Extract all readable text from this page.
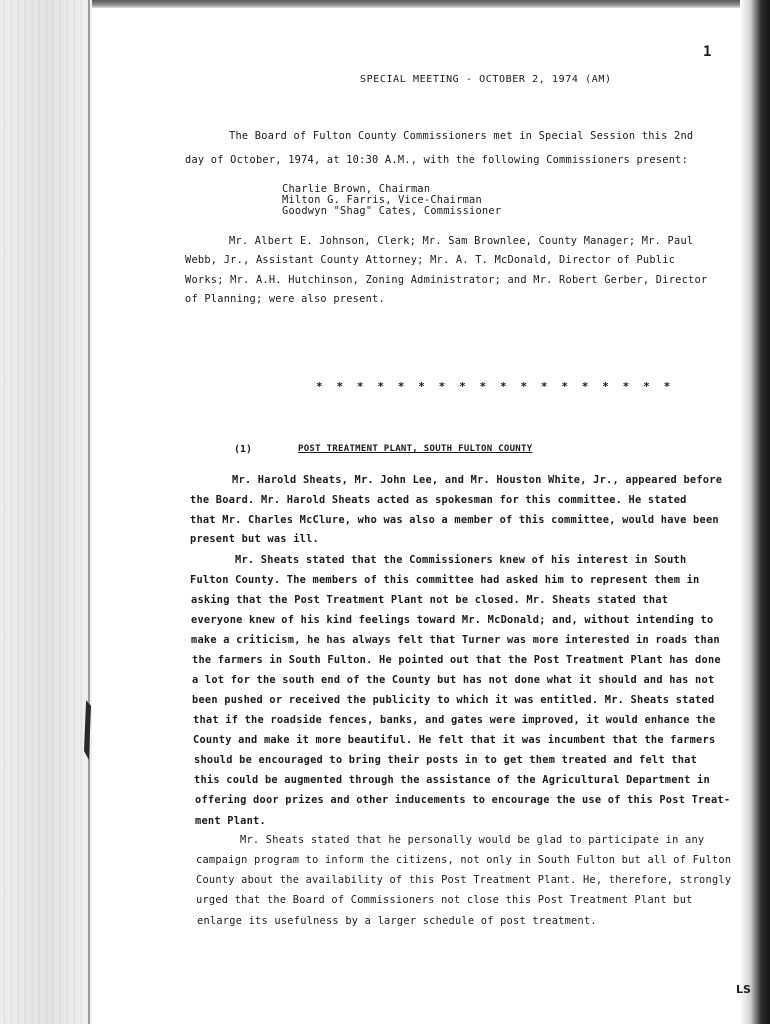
1
SPECIAL MEETING - OCTOBER 2, 1974 (AM)
The Board of Fulton County Commissioners met in Special Session this 2nd
day of October, 1974, at 10:30 A.M., with the following Commissioners present:
Charlie Brown, Chairman
Milton G. Farris, Vice-Chairman
Goodwyn "Shag" Cates, Commissioner
Mr. Albert E. Johnson, Clerk; Mr. Sam Brownlee, County Manager; Mr. Paul
Webb, Jr., Assistant County Attorney; Mr. A. T. McDonald, Director of Public
Works; Mr. A.H. Hutchinson, Zoning Administrator; and Mr. Robert Gerber, Director
of Planning; were also present.
* * * * * * * * * * * * * * * * * *
(1)	POST TREATMENT PLANT, SOUTH FULTON COUNTY
Mr. Harold Sheats, Mr. John Lee, and Mr. Houston White, Jr., appeared before
the Board. Mr. Harold Sheats acted as spokesman for this committee. He stated
that Mr. Charles McClure, who was also a member of this committee, would have been
present but was ill.
Mr. Sheats stated that the Commissioners knew of his interest in South
Fulton County. The members of this committee had asked him to represent them in
asking that the Post Treatment Plant not be closed. Mr. Sheats stated that
everyone knew of his kind feelings toward Mr. McDonald; and, without intending to
make a criticism, he has always felt that Turner was more interested in roads than
the farmers in South Fulton. He pointed out that the Post Treatment Plant has done
a lot for the south end of the County but has not done what it should and has not
been pushed or received the publicity to which it was entitled. Mr. Sheats stated
that if the roadside fences, banks, and gates were improved, it would enhance the
County and make it more beautiful. He felt that it was incumbent that the farmers
should be encouraged to bring their posts in to get them treated and felt that
this could be augmented through the assistance of the Agricultural Department in
offering door prizes and other inducements to encourage the use of this Post Treat-
ment Plant.
Mr. Sheats stated that he personally would be glad to participate in any
campaign program to inform the citizens, not only in South Fulton but all of Fulton
County about the availability of this Post Treatment Plant. He, therefore, strongly
urged that the Board of Commissioners not close this Post Treatment Plant but
enlarge its usefulness by a larger schedule of post treatment.
LS
